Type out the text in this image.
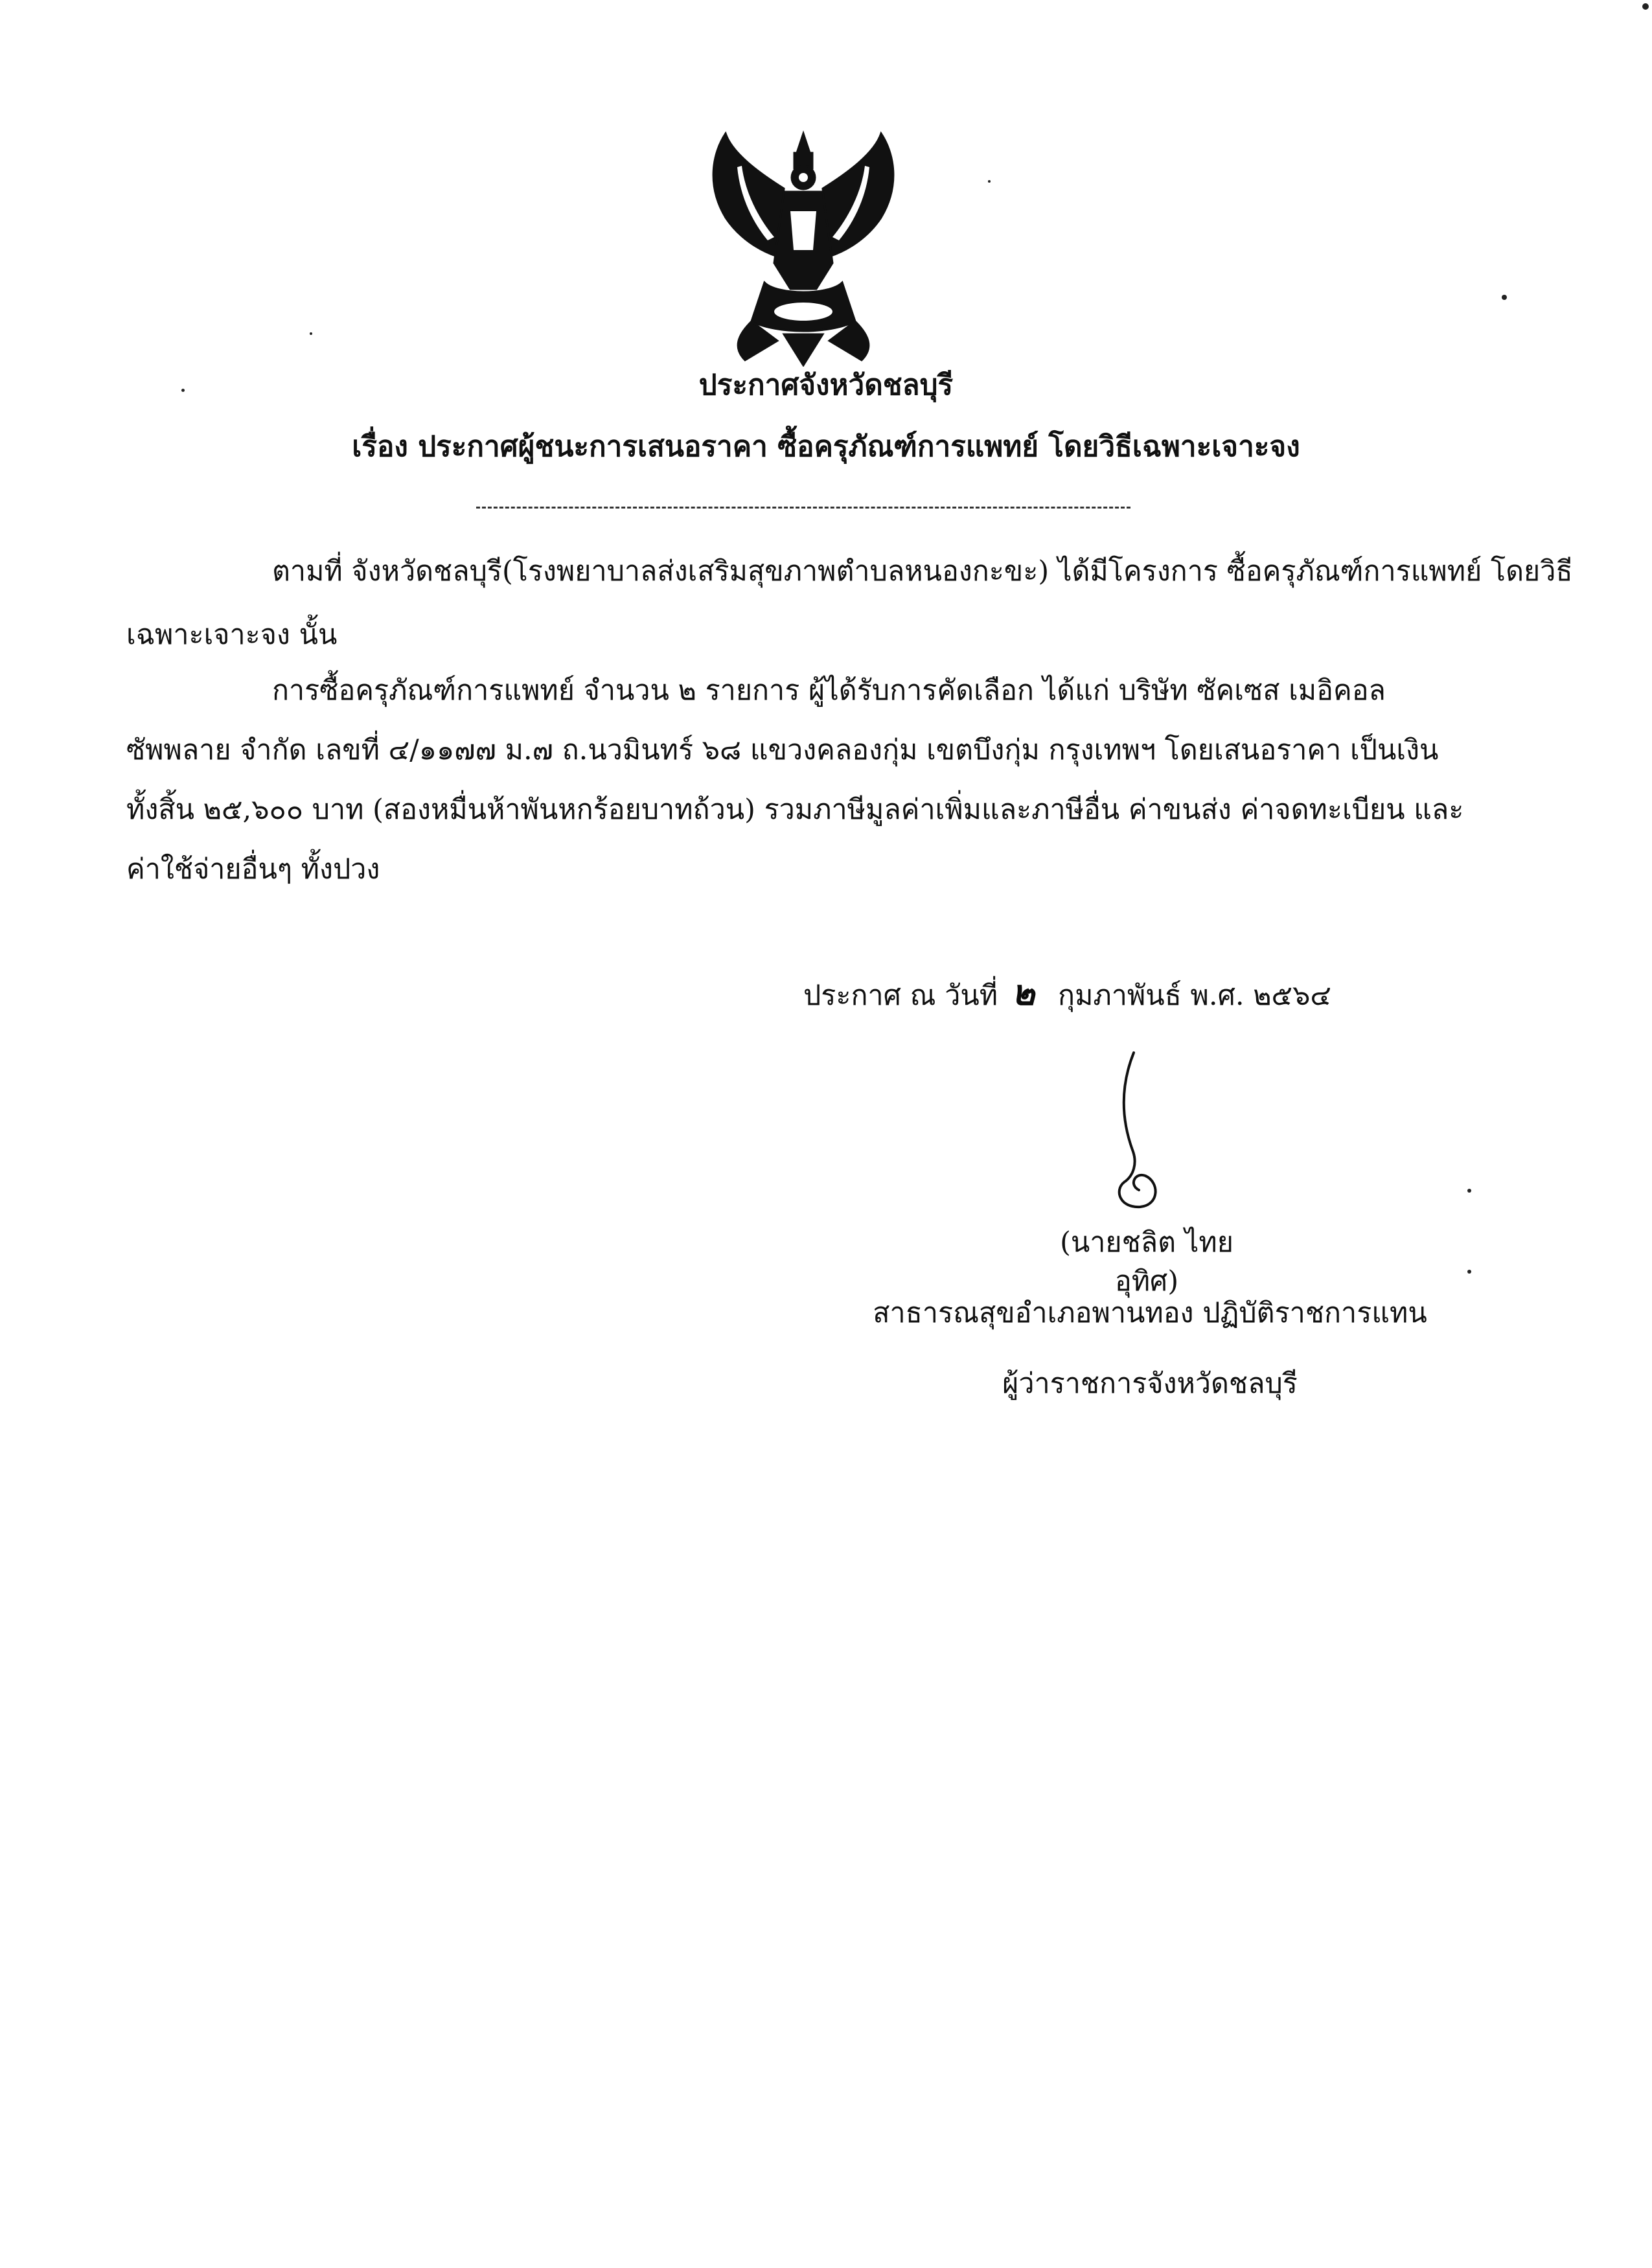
ประกาศจังหวัดชลบุรี
เรื่อง ประกาศผู้ชนะการเสนอราคา ซื้อครุภัณฑ์การแพทย์ โดยวิธีเฉพาะเจาะจง
ตามที่ จังหวัดชลบุรี(โรงพยาบาลส่งเสริมสุขภาพตำบลหนองกะขะ) ได้มีโครงการ ซื้อครุภัณฑ์การแพทย์ โดยวิธี
เฉพาะเจาะจง นั้น
การซื้อครุภัณฑ์การแพทย์ จำนวน ๒ รายการ ผู้ได้รับการคัดเลือก ได้แก่ บริษัท ซัคเซส เมอิคอล
ซัพพลาย จำกัด เลขที่ ๔/๑๑๗๗ ม.๗ ถ.นวมินทร์ ๖๘ แขวงคลองกุ่ม เขตบึงกุ่ม กรุงเทพฯ โดยเสนอราคา เป็นเงิน
ทั้งสิ้น ๒๕,๖๐๐ บาท (สองหมื่นห้าพันหกร้อยบาทถ้วน) รวมภาษีมูลค่าเพิ่มและภาษีอื่น ค่าขนส่ง ค่าจดทะเบียน และ
ค่าใช้จ่ายอื่นๆ ทั้งปวง
ประกาศ ณ วันที่ ๒ กุมภาพันธ์ พ.ศ. ๒๕๖๔
(นายชลิต ไทยอุทิศ)
สาธารณสุขอำเภอพานทอง ปฏิบัติราชการแทน
ผู้ว่าราชการจังหวัดชลบุรี
